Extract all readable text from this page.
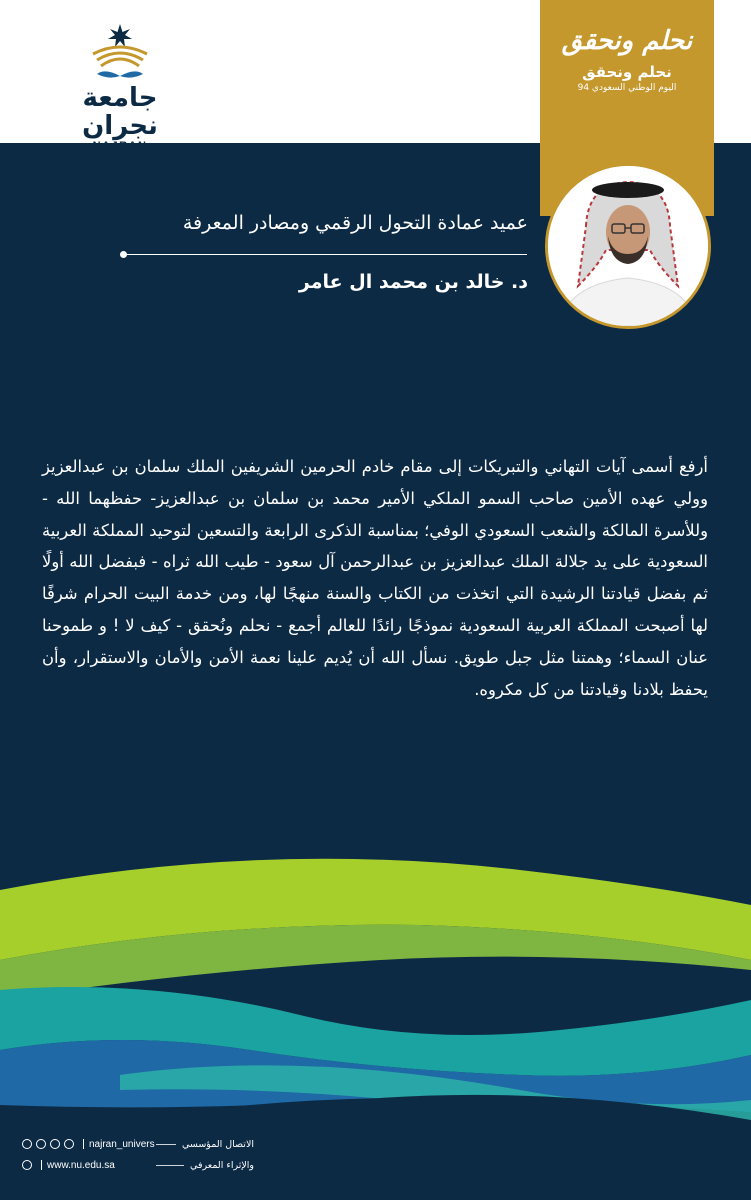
جامعة نجران
UNIVERSITY
نحلم ونحقق
نحلم ونحقق
اليوم الوطني السعودي 94
عميد عمادة التحول الرقمي ومصادر المعرفة
د. خالد بن محمد ال عامر
أرفع أسمى آيات التهاني والتبريكات إلى مقام خادم الحرمين الشريفين الملك سلمان بن عبدالعزيز وولي عهده الأمين صاحب السمو الملكي الأمير محمد بن سلمان بن عبدالعزيز- حفظهما الله - وللأسرة المالكة والشعب السعودي الوفي؛ بمناسبة الذكرى الرابعة والتسعين لتوحيد المملكة العربية السعودية على يد جلالة الملك عبدالعزيز بن عبدالرحمن آل سعود - طيب الله ثراه - فبفضل الله أولًا ثم بفضل قيادتنا الرشيدة التي اتخذت من الكتاب والسنة منهجًا لها، ومن خدمة البيت الحرام شرفًا لها أصبحت المملكة العربية السعودية نموذجًا رائدًا للعالم أجمع - نحلم ونُحقق - كيف لا ! و طموحنا عنان السماء؛ وهمتنا مثل جبل طويق. نسأل الله أن يُديم علينا نعمة الأمن والأمان والاستقرار، وأن يحفظ بلادنا وقيادتنا من كل مكروه.
najran_univers
www.nu.edu.sa
الاتصال المؤسسي
والإثراء المعرفي
